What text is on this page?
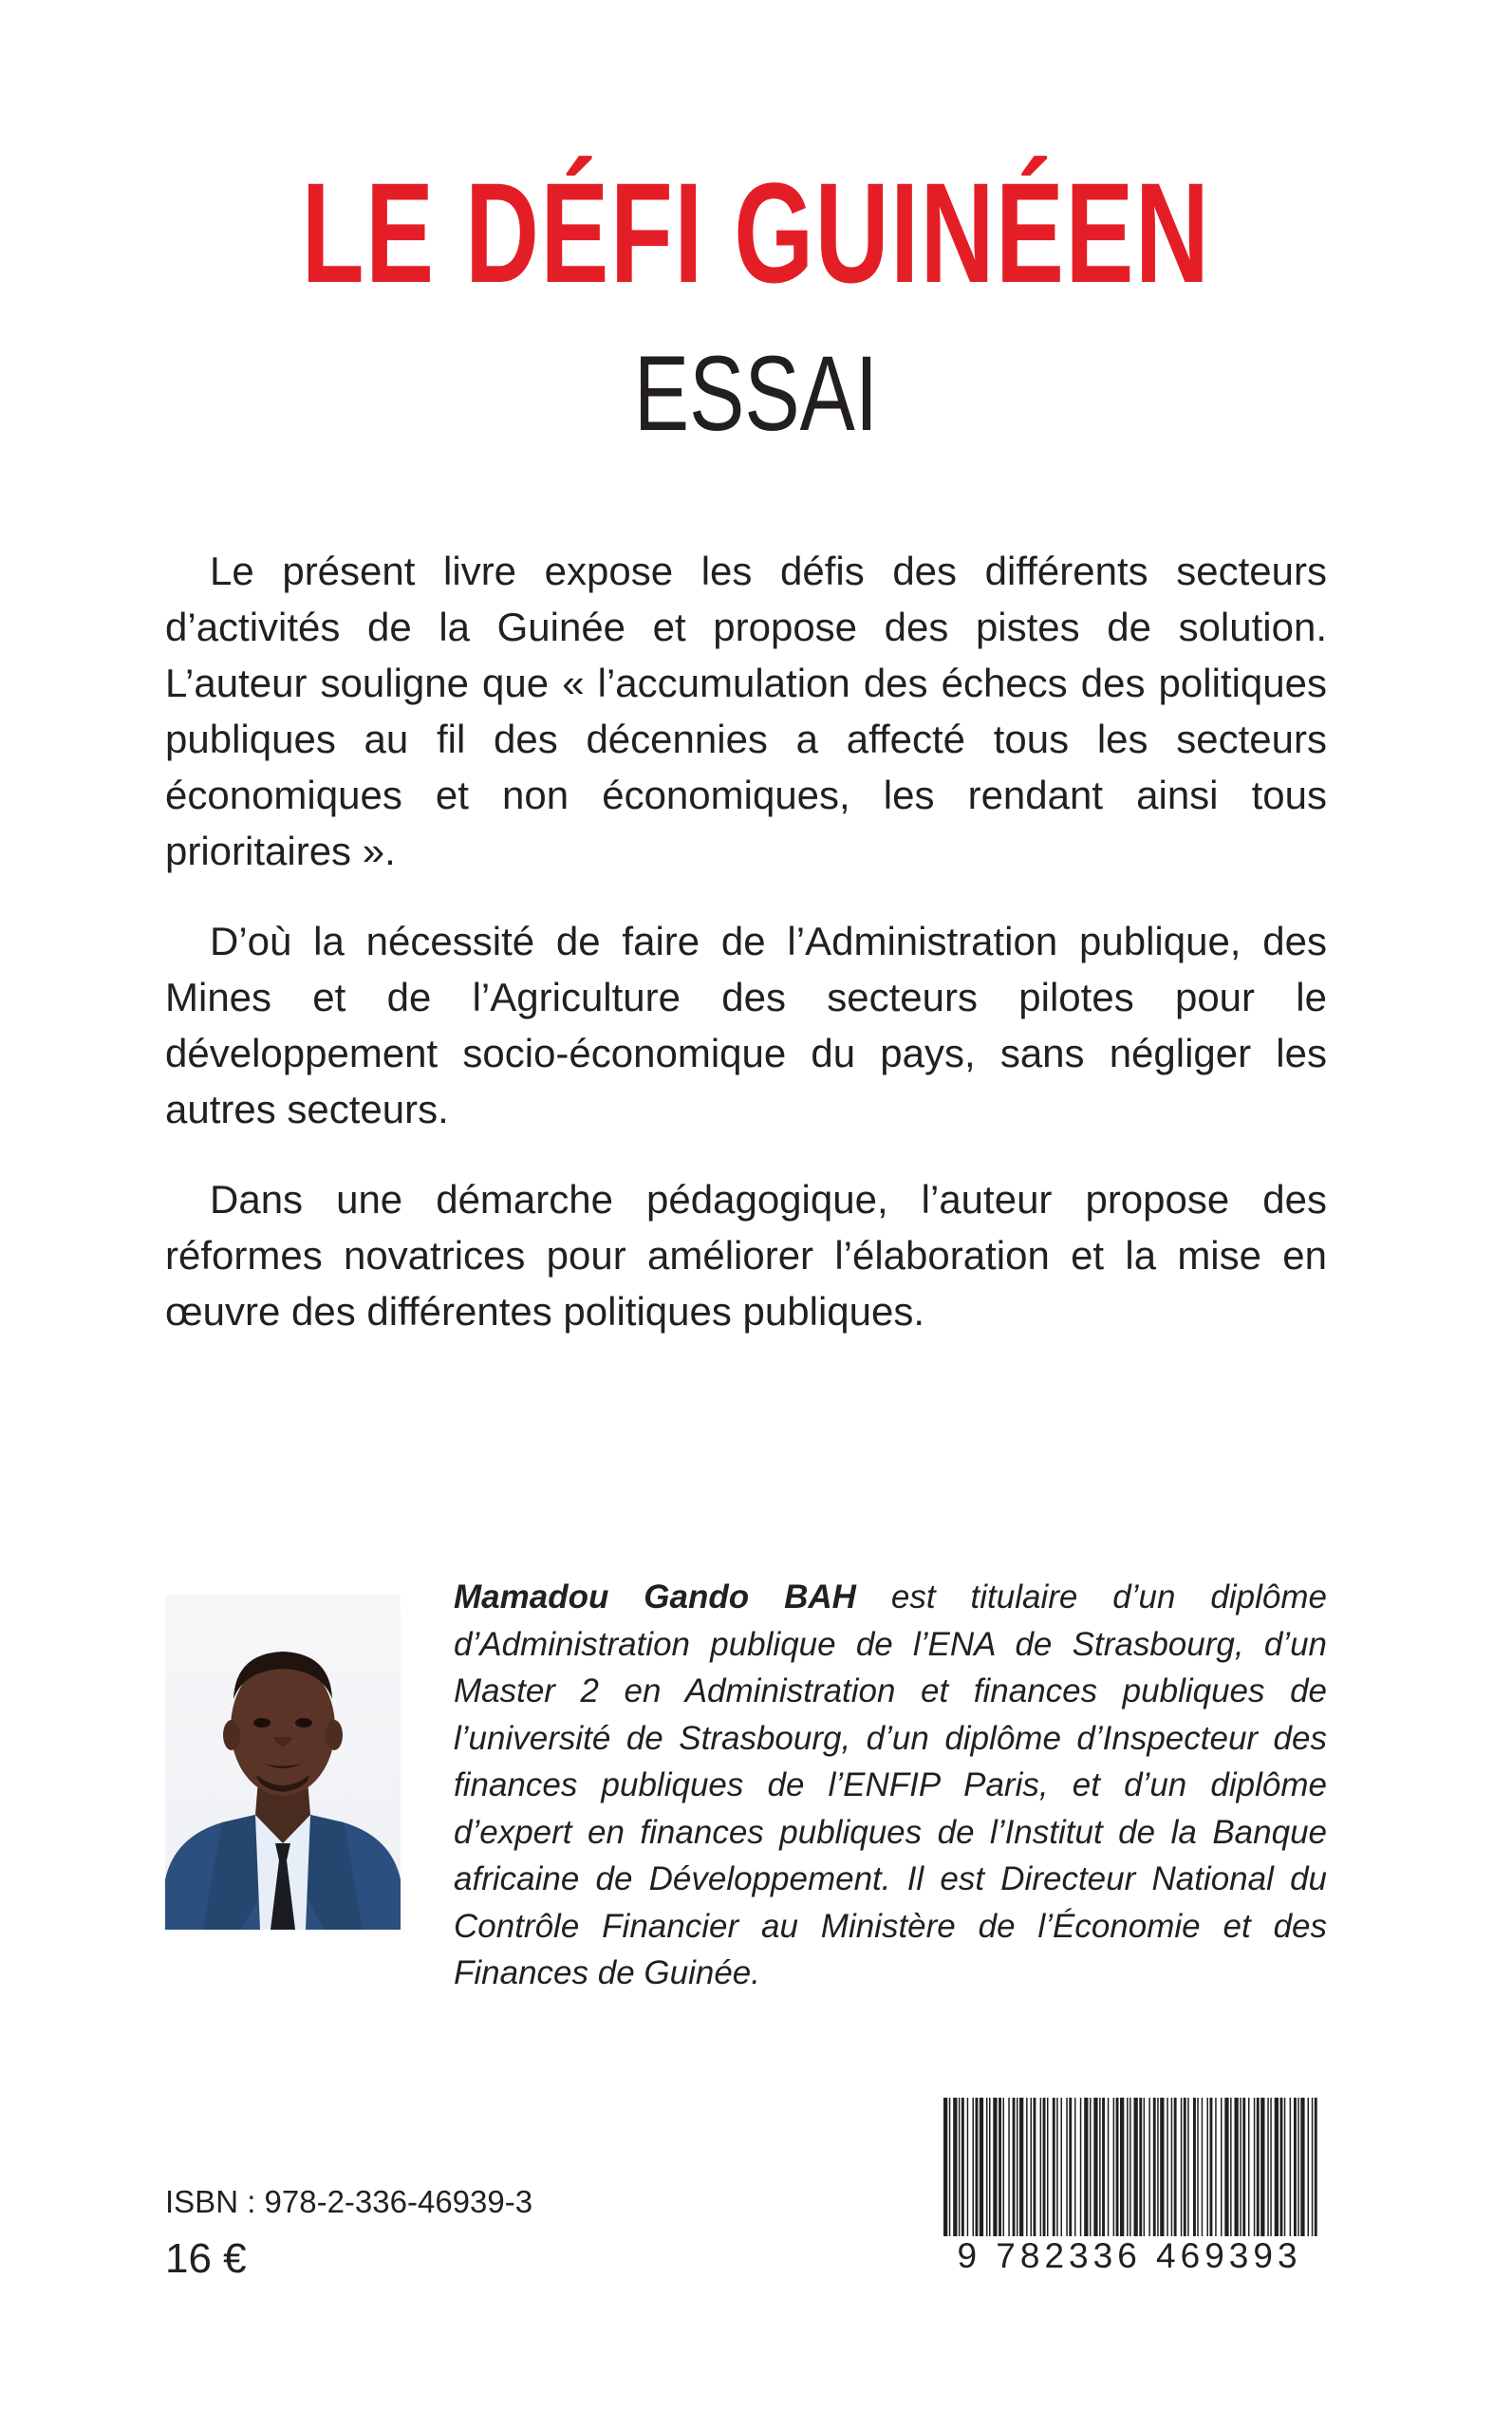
LE DÉFI GUINÉEN
ESSAI

Le présent livre expose les défis des différents secteurs d’activités de la Guinée et propose des pistes de solution. L’auteur souligne que « l’accumulation des échecs des politiques publiques au fil des décennies a affecté tous les secteurs économiques et non économiques, les rendant ainsi tous prioritaires ».

D’où la nécessité de faire de l’Administration publique, des Mines et de l’Agriculture des secteurs pilotes pour le développement socio-économique du pays, sans négliger les autres secteurs.

Dans une démarche pédagogique, l’auteur propose des réformes novatrices pour améliorer l’élaboration et la mise en œuvre des différentes politiques publiques.

Mamadou Gando BAH est titulaire d’un diplôme d’Administration publique de l’ENA de Strasbourg, d’un Master 2 en Administration et finances publiques de l’université de Strasbourg, d’un diplôme d’Inspecteur des finances publiques de l’ENFIP Paris, et d’un diplôme d’expert en finances publiques de l’Institut de la Banque africaine de Développement. Il est Directeur National du Contrôle Financier au Ministère de l’Économie et des Finances de Guinée.

ISBN : 978-2-336-46939-3
16 €	9 782336 469393
